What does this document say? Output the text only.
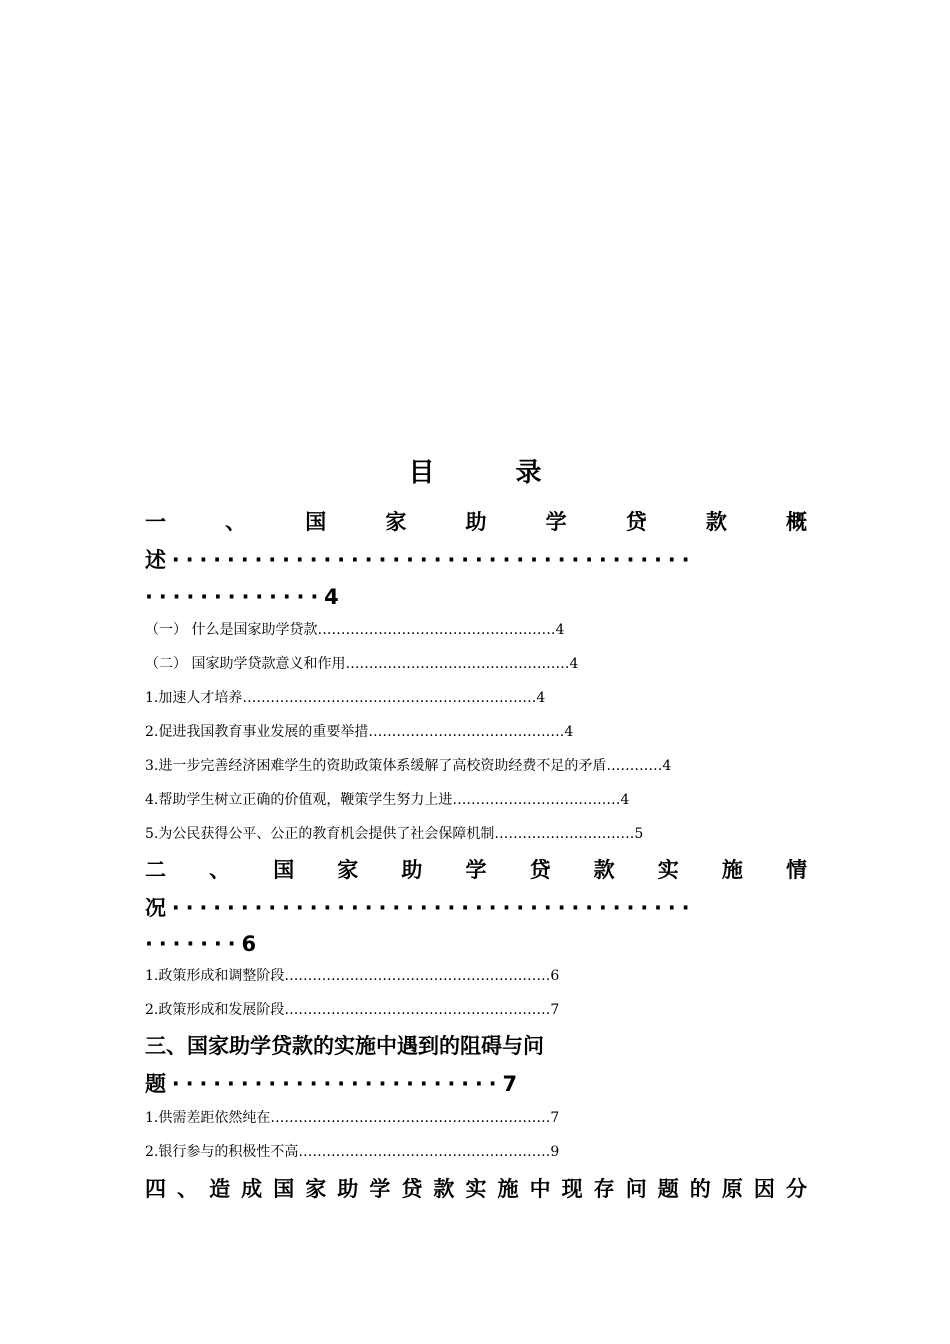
目 录
一	、	国	家	助	学	贷	款	概
述······································
·············4
（一） 什么是国家助学贷款……………………………………………4
（二） 国家助学贷款意义和作用…………………………………………4
1.加速人才培养………………………………………………………4
2.促进我国教育事业发展的重要举措……………………………………4
3.进一步完善经济困难学生的资助政策体系缓解了高校资助经费不足的矛盾…………4
4.帮助学生树立正确的价值观，鞭策学生努力上进………………………………4
5.为公民获得公平、公正的教育机会提供了社会保障机制…………………………5
二 、 国 家 助 学 贷 款 实 施 情
况······································
·······6
1.政策形成和调整阶段…………………………………………………6
2.政策形成和发展阶段…………………………………………………7
三、国家助学贷款的实施中遇到的阻碍与问
题························7
1.供需差距依然纯在……………………………………………………7
2.银行参与的积极性不高………………………………………………9
四 、 造 成 国 家 助 学 贷 款 实 施 中 现 存 问 题 的 原 因 分
